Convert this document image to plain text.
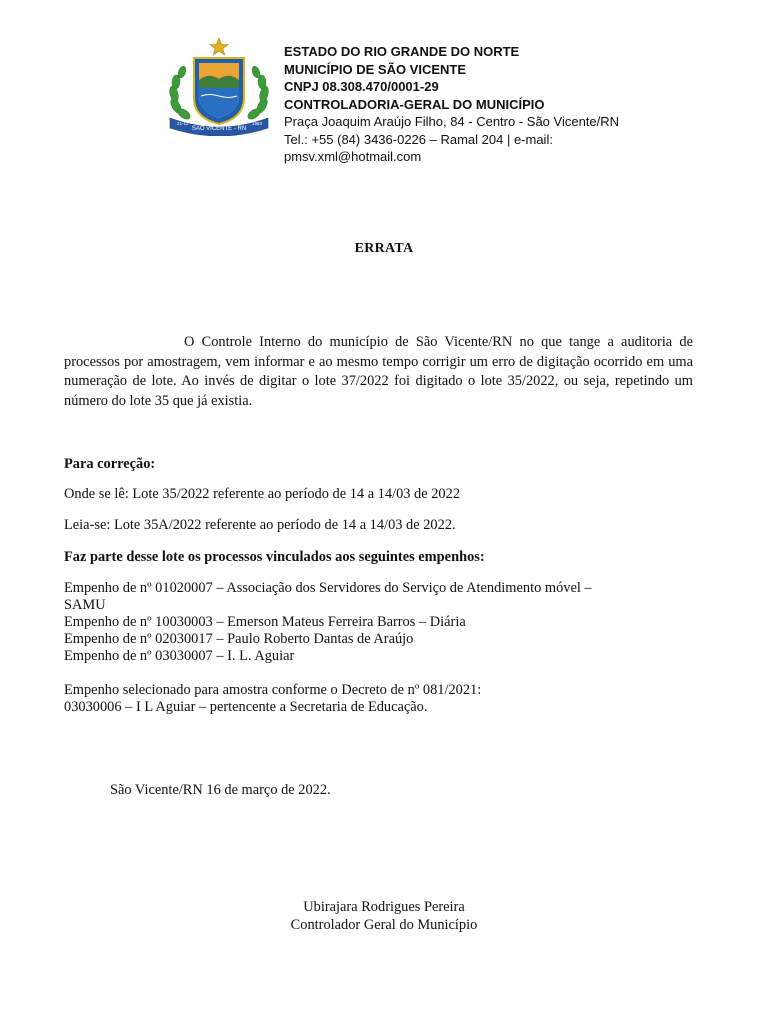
SÃO VICENTE - RN
21-12	1953
ESTADO DO RIO GRANDE DO NORTE
MUNICÍPIO DE SÃO VICENTE
CNPJ 08.308.470/0001-29
CONTROLADORIA-GERAL DO MUNICÍPIO
Praça Joaquim Araújo Filho, 84 - Centro - São Vicente/RN
Tel.: +55 (84) 3436-0226 – Ramal 204 | e-mail:
pmsv.xml@hotmail.com
ERRATA
O Controle Interno do município de São Vicente/RN no que tange a auditoria de processos por amostragem, vem informar e ao mesmo tempo corrigir um erro de digitação ocorrido em uma numeração de lote. Ao invés de digitar o lote 37/2022 foi digitado o lote 35/2022, ou seja, repetindo um número do lote 35 que já existia.
Para correção:
Onde se lê: Lote 35/2022 referente ao período de 14 a 14/03 de 2022
Leia-se: Lote 35A/2022 referente ao período de 14 a 14/03 de 2022.
Faz parte desse lote os processos vinculados aos seguintes empenhos:
Empenho de nº 01020007 – Associação dos Servidores do Serviço de Atendimento móvel –
SAMU
Empenho de nº 10030003 – Emerson Mateus Ferreira Barros – Diária
Empenho de nº 02030017 – Paulo Roberto Dantas de Araújo
Empenho de nº 03030007 – I. L. Aguiar
Empenho selecionado para amostra conforme o Decreto de nº 081/2021:
03030006 – I L Aguiar – pertencente a Secretaria de Educação.
São Vicente/RN 16 de março de 2022.
Ubirajara Rodrigues Pereira
Controlador Geral do Município
